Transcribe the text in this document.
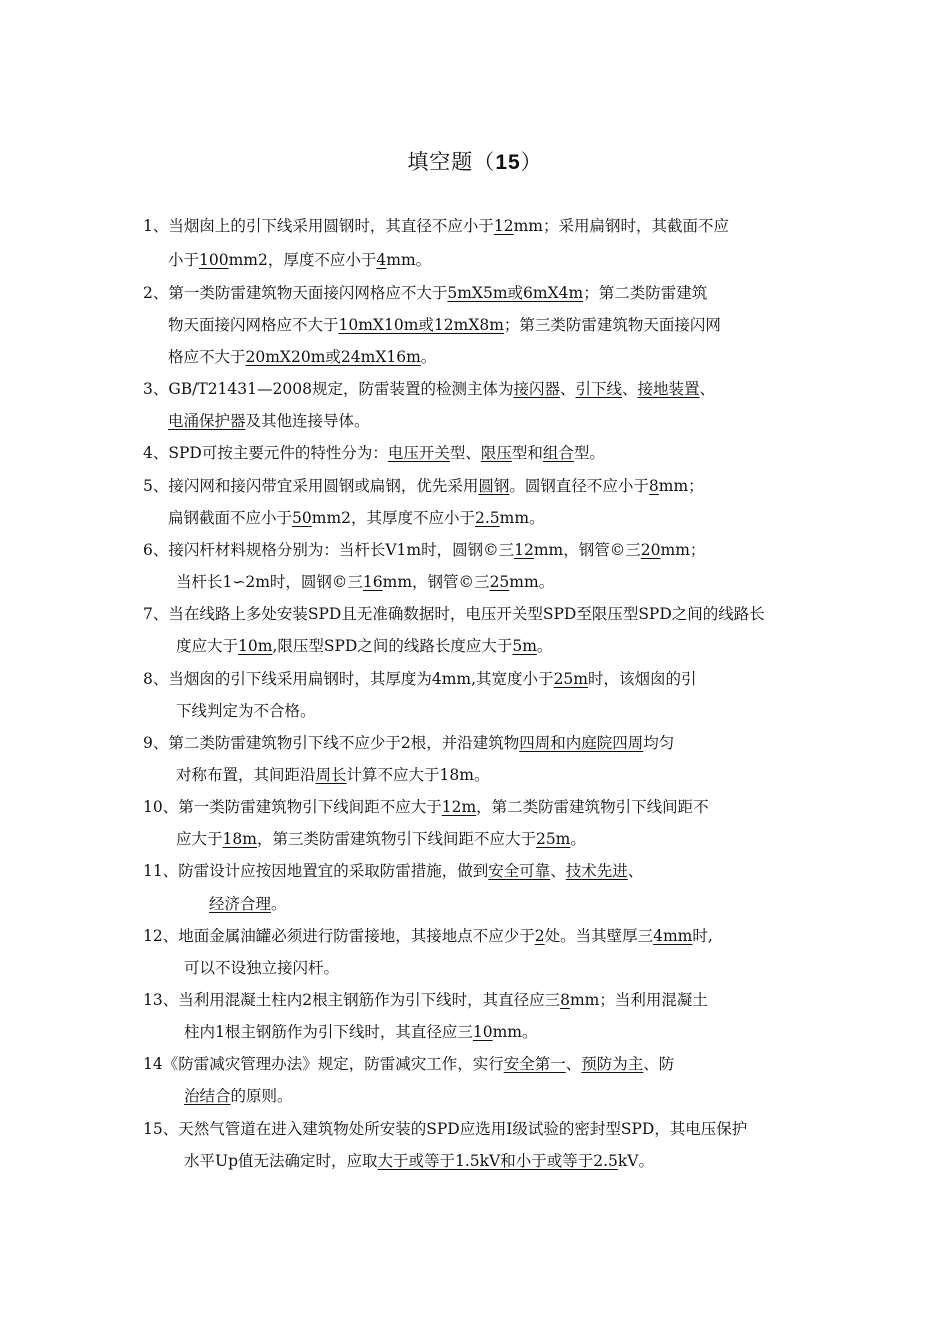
填空题（15）
1、当烟囱上的引下线采用圆钢时，其直径不应小于12mm；采用扁钢时，其截面不应
小于100mm2，厚度不应小于4mm。
2、第一类防雷建筑物天面接闪网格应不大于5mX5m或6mX4m；第二类防雷建筑
物天面接闪网格应不大于10mX10m或12mX8m；第三类防雷建筑物天面接闪网
格应不大于20mX20m或24mX16m。
3、GB/T21431—2008规定，防雷装置的检测主体为接闪器、引下线、接地装置、
电涌保护器及其他连接导体。
4、SPD可按主要元件的特性分为：电压开关型、限压型和组合型。
5、接闪网和接闪带宜采用圆钢或扁钢，优先采用圆钢。圆钢直径不应小于8mm；
扁钢截面不应小于50mm2，其厚度不应小于2.5mm。
6、接闪杆材料规格分别为：当杆长V1m时，圆钢©三12mm，钢管©三20mm；
当杆长1∽2m时，圆钢©三16mm，钢管©三25mm。
7、当在线路上多处安装SPD且无准确数据时，电压开关型SPD至限压型SPD之间的线路长
度应大于10m,限压型SPD之间的线路长度应大于5m。
8、当烟囱的引下线采用扁钢时，其厚度为4mm,其宽度小于25m时，该烟囱的引
下线判定为不合格。
9、第二类防雷建筑物引下线不应少于2根，并沿建筑物四周和内庭院四周均匀
对称布置，其间距沿周长计算不应大于18m。
10、第一类防雷建筑物引下线间距不应大于12m，第二类防雷建筑物引下线间距不
应大于18m，第三类防雷建筑物引下线间距不应大于25m。
11、防雷设计应按因地置宜的采取防雷措施，做到安全可靠、技术先进、
经济合理。
12、地面金属油罐必须进行防雷接地，其接地点不应少于2处。当其壁厚三4mm时,
可以不设独立接闪杆。
13、当利用混凝土柱内2根主钢筋作为引下线时，其直径应三8mm；当利用混凝土
柱内1根主钢筋作为引下线时，其直径应三10mm。
14《防雷减灾管理办法》规定，防雷减灾工作，实行安全第一、预防为主、防
治结合的原则。
15、天然气管道在进入建筑物处所安装的SPD应选用Ⅰ级试验的密封型SPD，其电压保护
水平Up值无法确定时，应取大于或等于1.5kV和小于或等于2.5kV。
